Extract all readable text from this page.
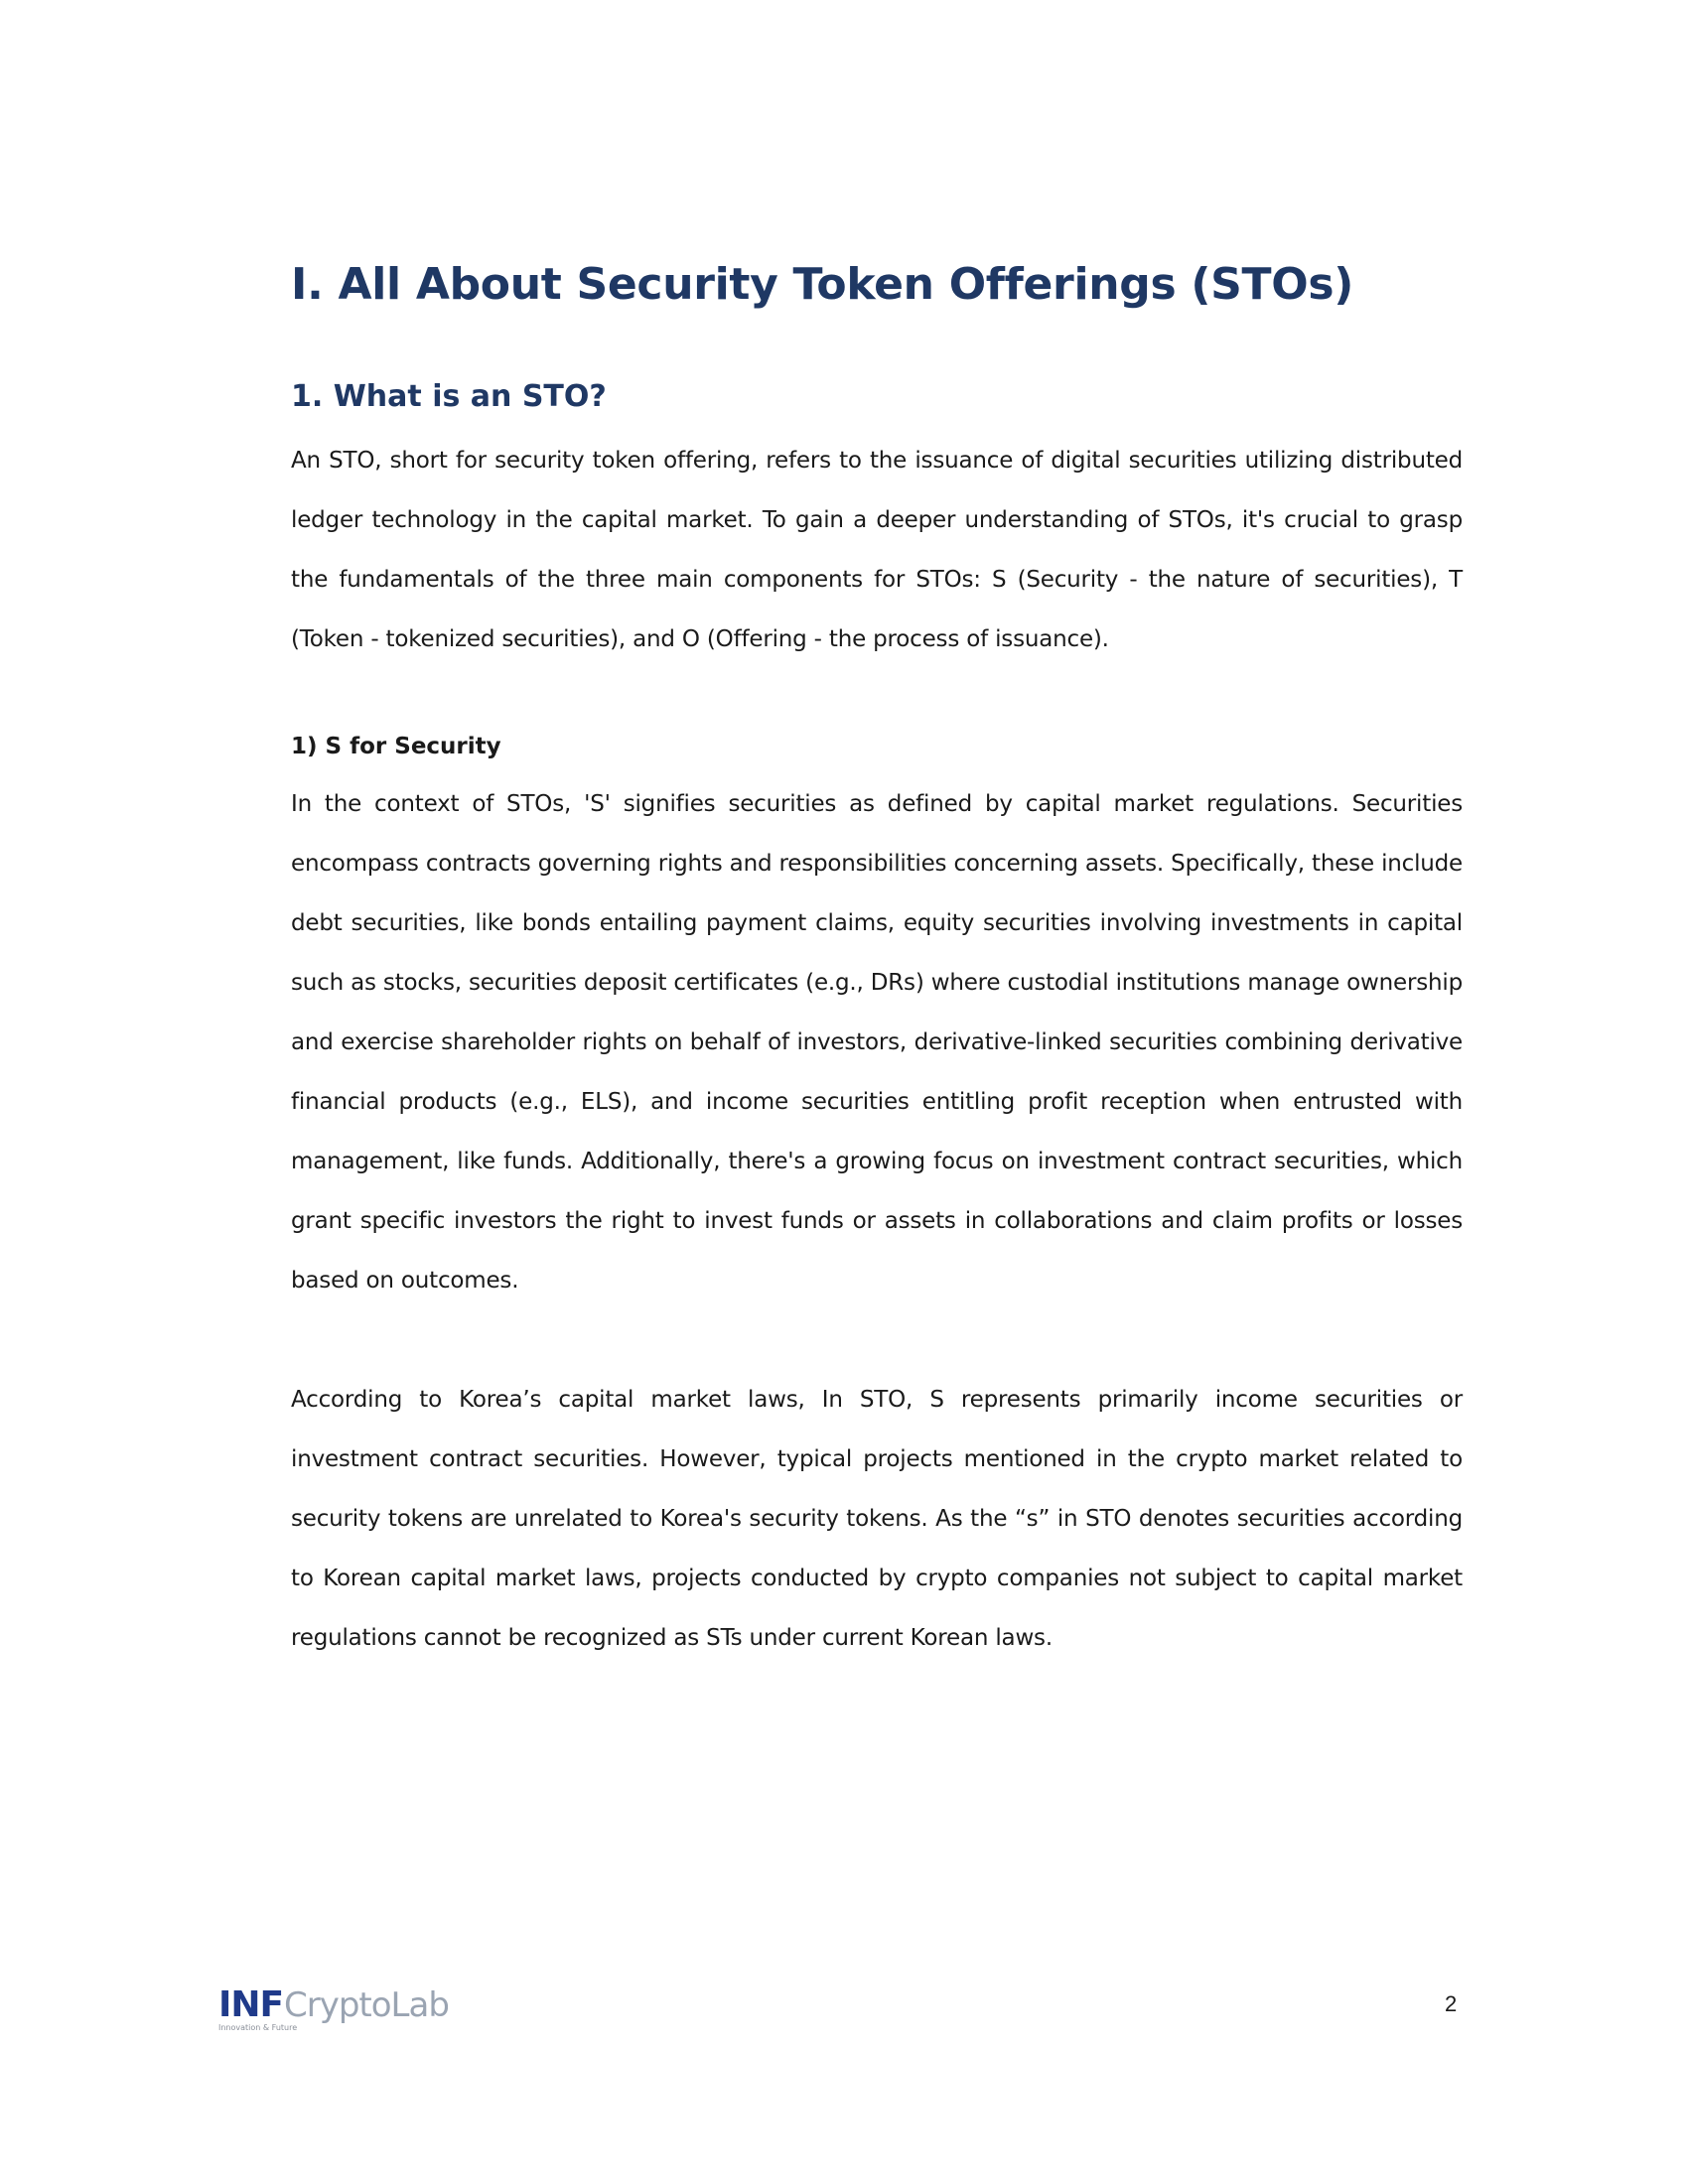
I. All About Security Token Offerings (STOs)
1. What is an STO?

An STO, short for security token offering, refers to the issuance of digital securities utilizing distributed ledger technology in the capital market. To gain a deeper understanding of STOs, it's crucial to grasp the fundamentals of the three main components for STOs: S (Security - the nature of securities), T (Token - tokenized securities), and O (Offering - the process of issuance).

1) S for Security

In the context of STOs, 'S' signifies securities as defined by capital market regulations. Securities encompass contracts governing rights and responsibilities concerning assets. Specifically, these include debt securities, like bonds entailing payment claims, equity securities involving investments in capital such as stocks, securities deposit certificates (e.g., DRs) where custodial institutions manage ownership and exercise shareholder rights on behalf of investors, derivative-linked securities combining derivative financial products (e.g., ELS), and income securities entitling profit reception when entrusted with management, like funds. Additionally, there's a growing focus on investment contract securities, which grant specific investors the right to invest funds or assets in collaborations and claim profits or losses based on outcomes.

According to Korea’s capital market laws, In STO, S represents primarily income securities or investment contract securities. However, typical projects mentioned in the crypto market related to security tokens are unrelated to Korea's security tokens. As the “s” in STO denotes securities according to Korean capital market laws, projects conducted by crypto companies not subject to capital market regulations cannot be recognized as STs under current Korean laws.

INF CryptoLab
Innovation & Future
2
